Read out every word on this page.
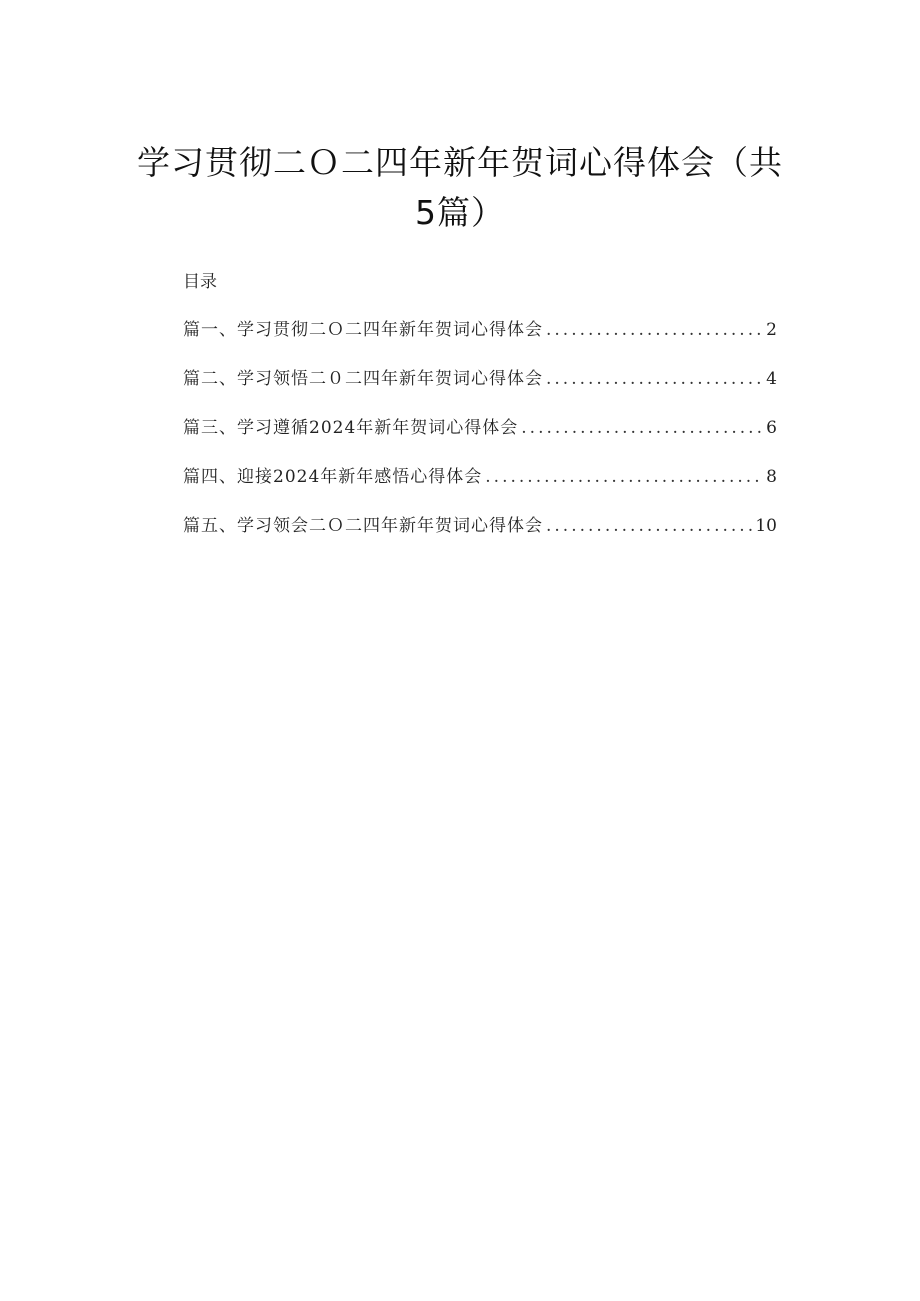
学习贯彻二Ｏ二四年新年贺词心得体会（共
5篇）
目录
篇一、学习贯彻二Ｏ二四年新年贺词心得体会 .....	2
篇二、学习领悟二０二四年新年贺词心得体会 .....	4
篇三、学习遵循2024年新年贺词心得体会 .....	6
篇四、迎接2024年新年感悟心得体会 .....	8
篇五、学习领会二Ｏ二四年新年贺词心得体会 .....	10
